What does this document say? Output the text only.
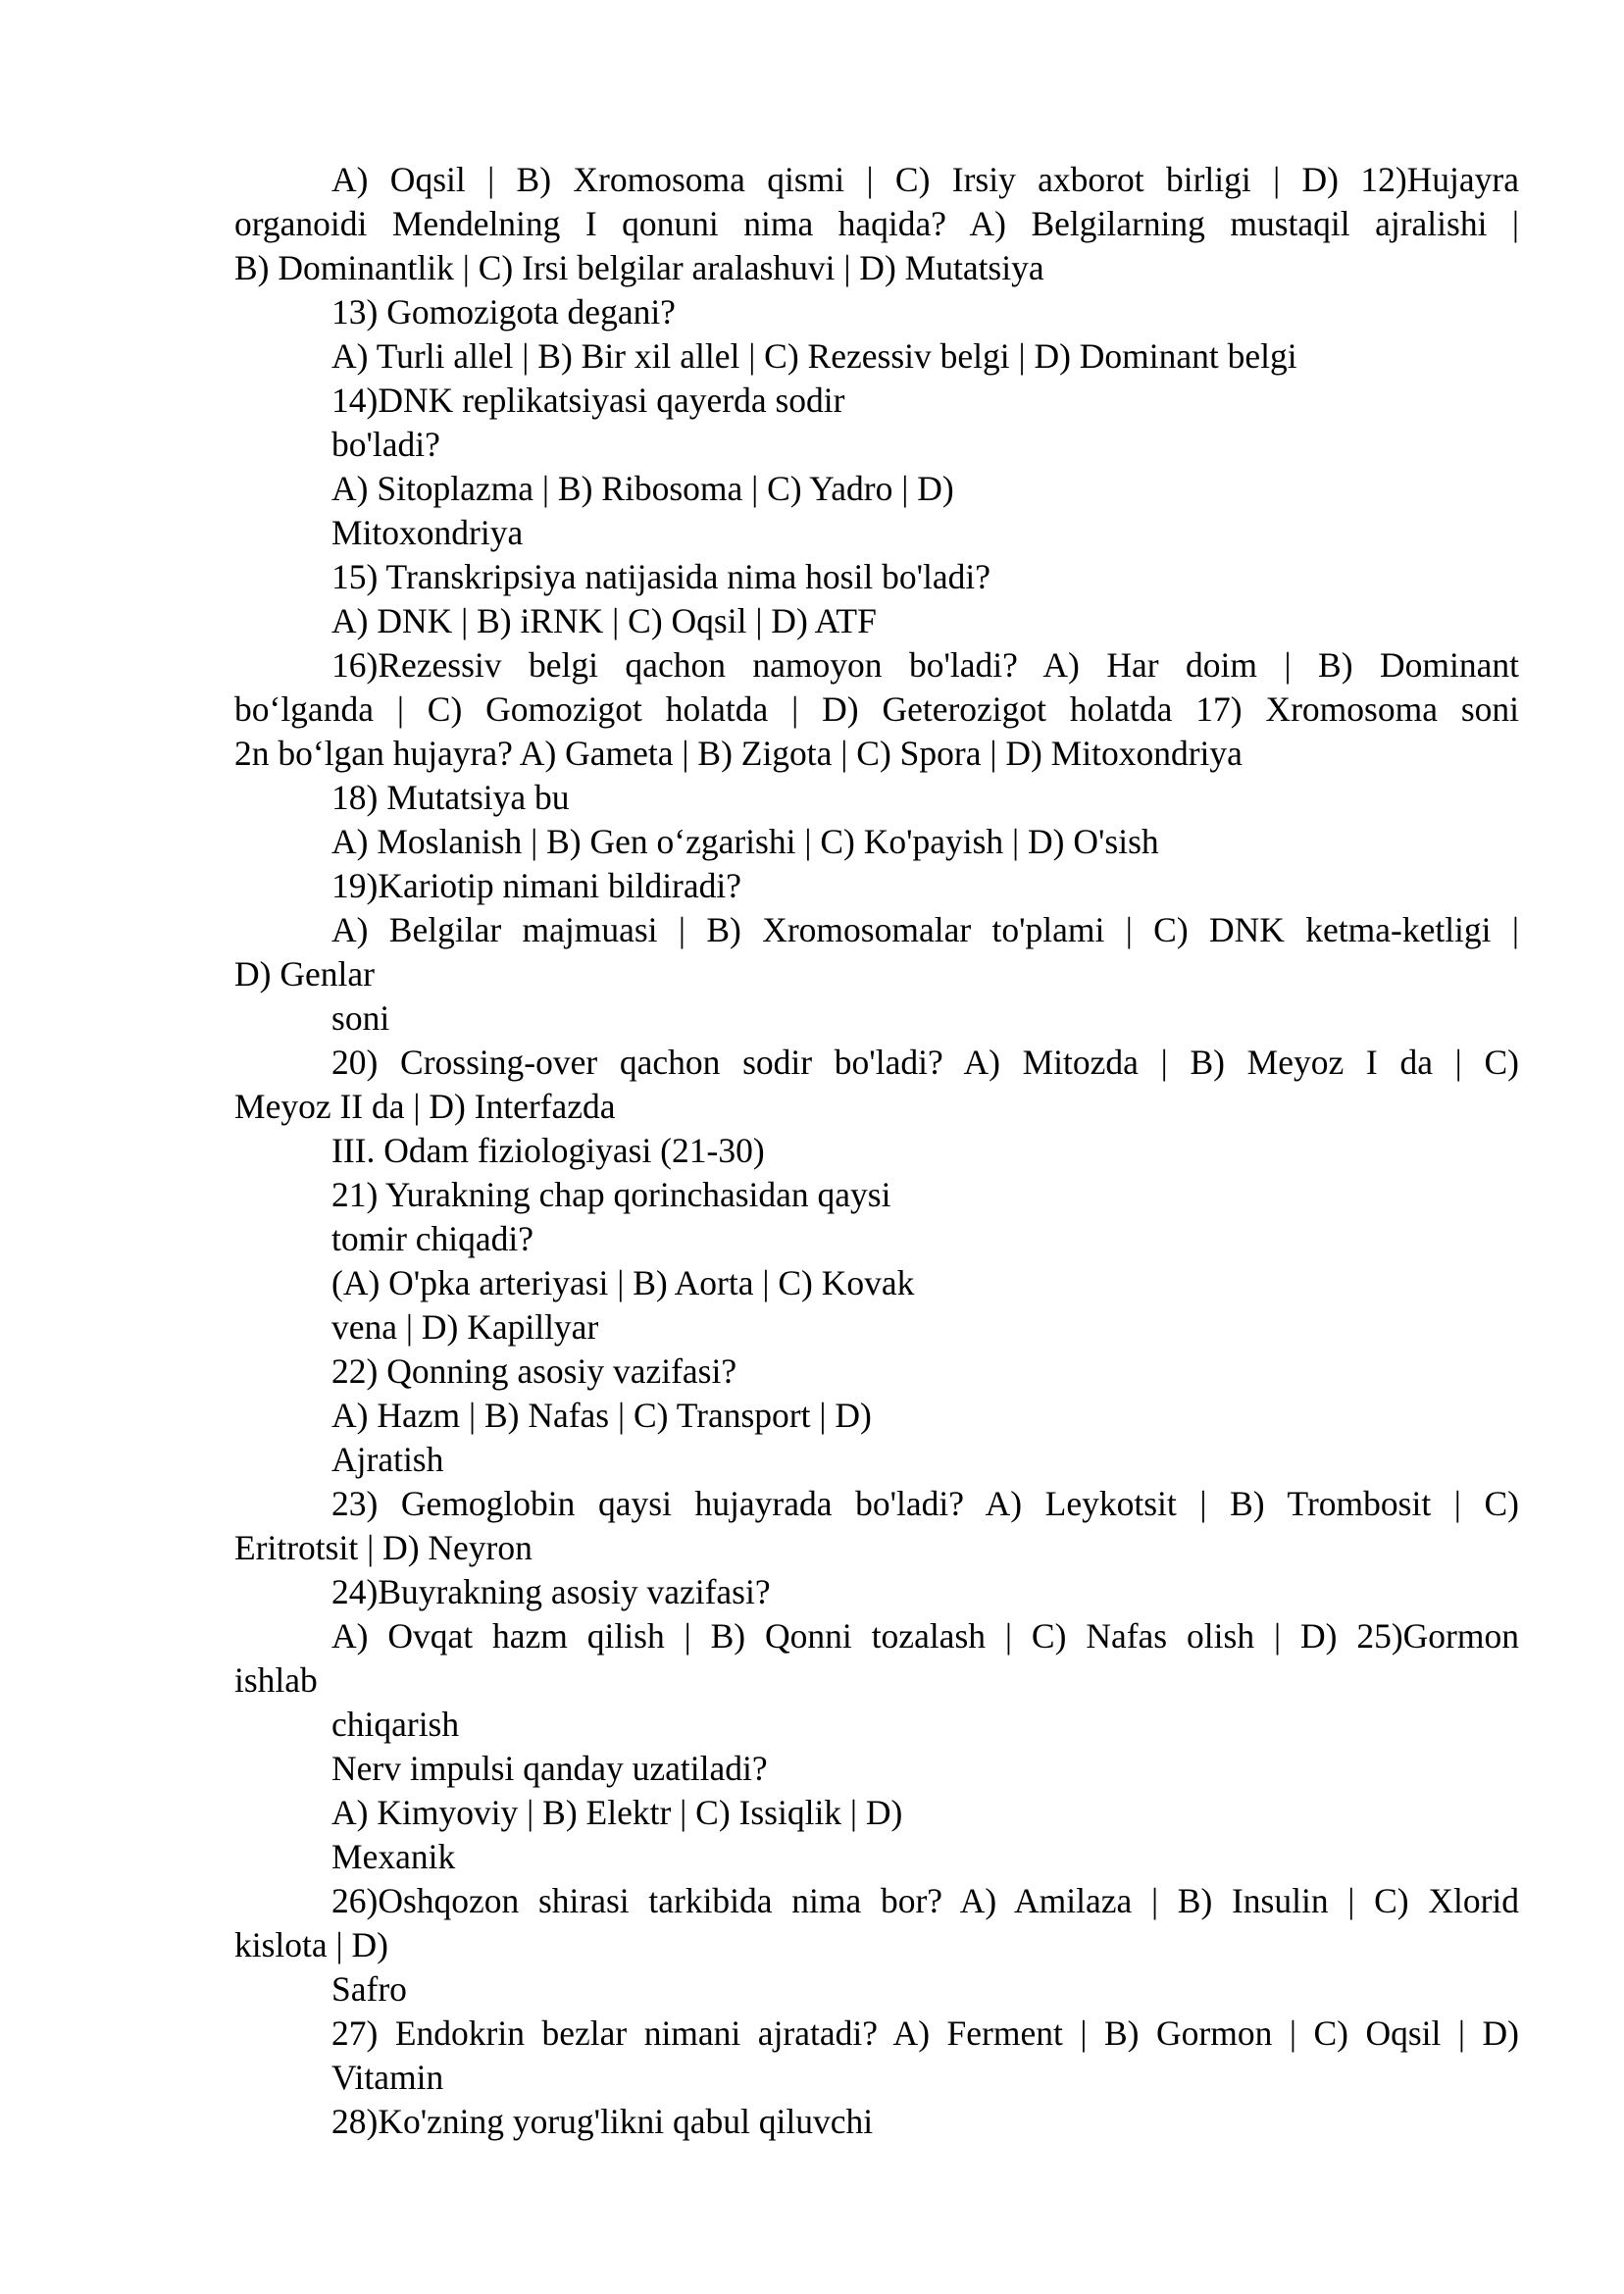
A) Oqsil | B) Xromosoma qismi | C) Irsiy axborot birligi | D) 12)Hujayra
organoidi Mendelning I qonuni nima haqida? A) Belgilarning mustaqil ajralishi |
B) Dominantlik | C) Irsi belgilar aralashuvi | D) Mutatsiya
13) Gomozigota degani?
A) Turli allel | B) Bir xil allel | C) Rezessiv belgi | D) Dominant belgi
14)DNK replikatsiyasi qayerda sodir
bo'ladi?
A) Sitoplazma | B) Ribosoma | C) Yadro | D)
Mitoxondriya
15) Transkripsiya natijasida nima hosil bo'ladi?
A) DNK | B) iRNK | C) Oqsil | D) ATF
16)Rezessiv belgi qachon namoyon bo'ladi? A) Har doim | B) Dominant
bo‘lganda | C) Gomozigot holatda | D) Geterozigot holatda 17) Xromosoma soni
2n bo‘lgan hujayra? A) Gameta | B) Zigota | C) Spora | D) Mitoxondriya
18) Mutatsiya bu
A) Moslanish | B) Gen o‘zgarishi | C) Ko'payish | D) O'sish
19)Kariotip nimani bildiradi?
A) Belgilar majmuasi | B) Xromosomalar to'plami | C) DNK ketma-ketligi |
D) Genlar
soni
20) Crossing-over qachon sodir bo'ladi? A) Mitozda | B) Meyoz I da | C)
Meyoz II da | D) Interfazda
III. Odam fiziologiyasi (21-30)
21) Yurakning chap qorinchasidan qaysi
tomir chiqadi?
(A) O'pka arteriyasi | B) Aorta | C) Kovak
vena | D) Kapillyar
22) Qonning asosiy vazifasi?
A) Hazm | B) Nafas | C) Transport | D)
Ajratish
23) Gemoglobin qaysi hujayrada bo'ladi? A) Leykotsit | B) Trombosit | C)
Eritrotsit | D) Neyron
24)Buyrakning asosiy vazifasi?
A) Ovqat hazm qilish | B) Qonni tozalash | C) Nafas olish | D) 25)Gormon
ishlab
chiqarish
Nerv impulsi qanday uzatiladi?
A) Kimyoviy | B) Elektr | C) Issiqlik | D)
Mexanik
26)Oshqozon shirasi tarkibida nima bor? A) Amilaza | B) Insulin | C) Xlorid
kislota | D)
Safro
27) Endokrin bezlar nimani ajratadi? A) Ferment | B) Gormon | C) Oqsil | D)
Vitamin
28)Ko'zning yorug'likni qabul qiluvchi
